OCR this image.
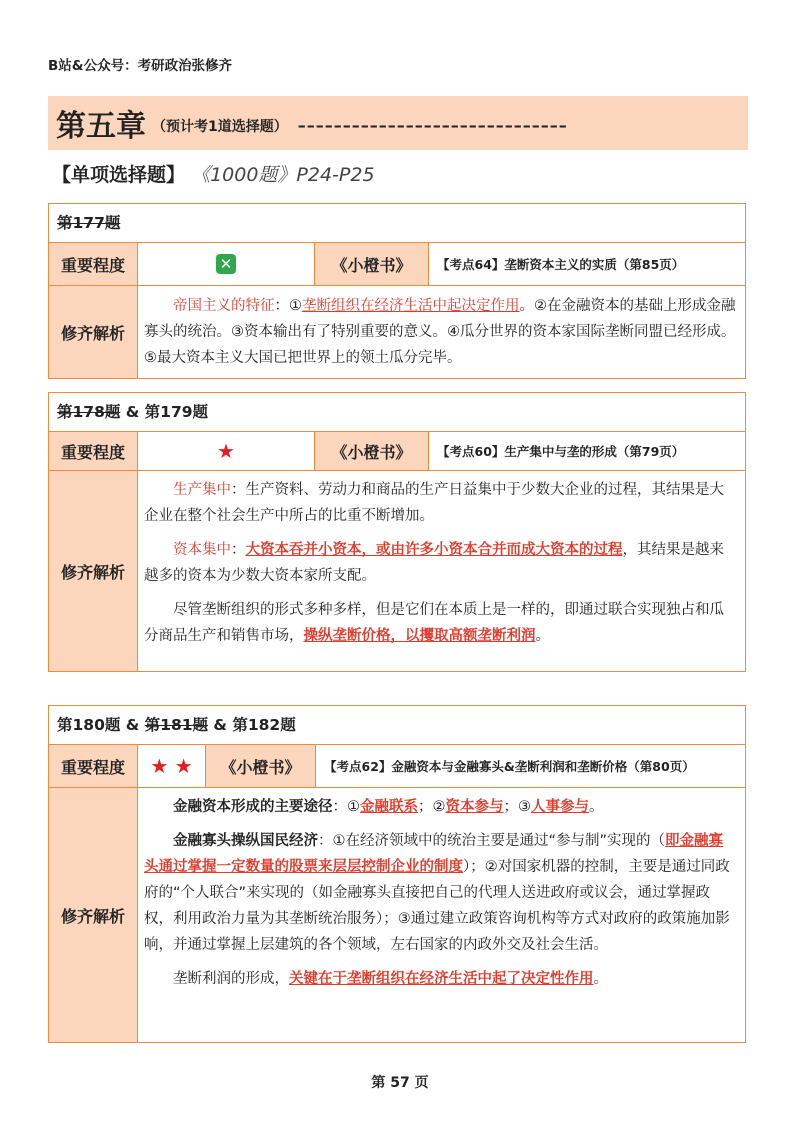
B站&公众号：考研政治张修齐
第五章 （预计考1道选择题） ––––––––––––––––––––––––––––––
【单项选择题】 《1000题》P24-P25
第177题
重要程度	✕	《小橙书》	【考点64】垄断资本主义的实质（第85页）
修齐解析

帝国主义的特征：①垄断组织在经济生活中起决定作用。②在金融资本的基础上形成金融寡头的统治。③资本输出有了特别重要的意义。④瓜分世界的资本家国际垄断同盟已经形成。⑤最大资本主义大国已把世界上的领土瓜分完毕。

第178题 & 第179题
重要程度	★	《小橙书》	【考点60】生产集中与垄的形成（第79页）
修齐解析

生产集中：生产资料、劳动力和商品的生产日益集中于少数大企业的过程，其结果是大企业在整个社会生产中所占的比重不断增加。

资本集中：大资本吞并小资本，或由许多小资本合并而成大资本的过程，其结果是越来越多的资本为少数大资本家所支配。

尽管垄断组织的形式多种多样，但是它们在本质上是一样的，即通过联合实现独占和瓜分商品生产和销售市场，操纵垄断价格，以攫取高额垄断利润。

第180题 & 第181题 & 第182题
重要程度	★ ★	《小橙书》	【考点62】金融资本与金融寡头&垄断利润和垄断价格（第80页）
修齐解析

金融资本形成的主要途径：①金融联系；②资本参与；③人事参与。

金融寡头操纵国民经济：①在经济领域中的统治主要是通过“参与制”实现的（即金融寡头通过掌握一定数量的股票来层层控制企业的制度）；②对国家机器的控制，主要是通过同政府的“个人联合”来实现的（如金融寡头直接把自己的代理人送进政府或议会，通过掌握政权，利用政治力量为其垄断统治服务）；③通过建立政策咨询机构等方式对政府的政策施加影响，并通过掌握上层建筑的各个领域，左右国家的内政外交及社会生活。

垄断利润的形成，关键在于垄断组织在经济生活中起了决定性作用。

第 57 页
